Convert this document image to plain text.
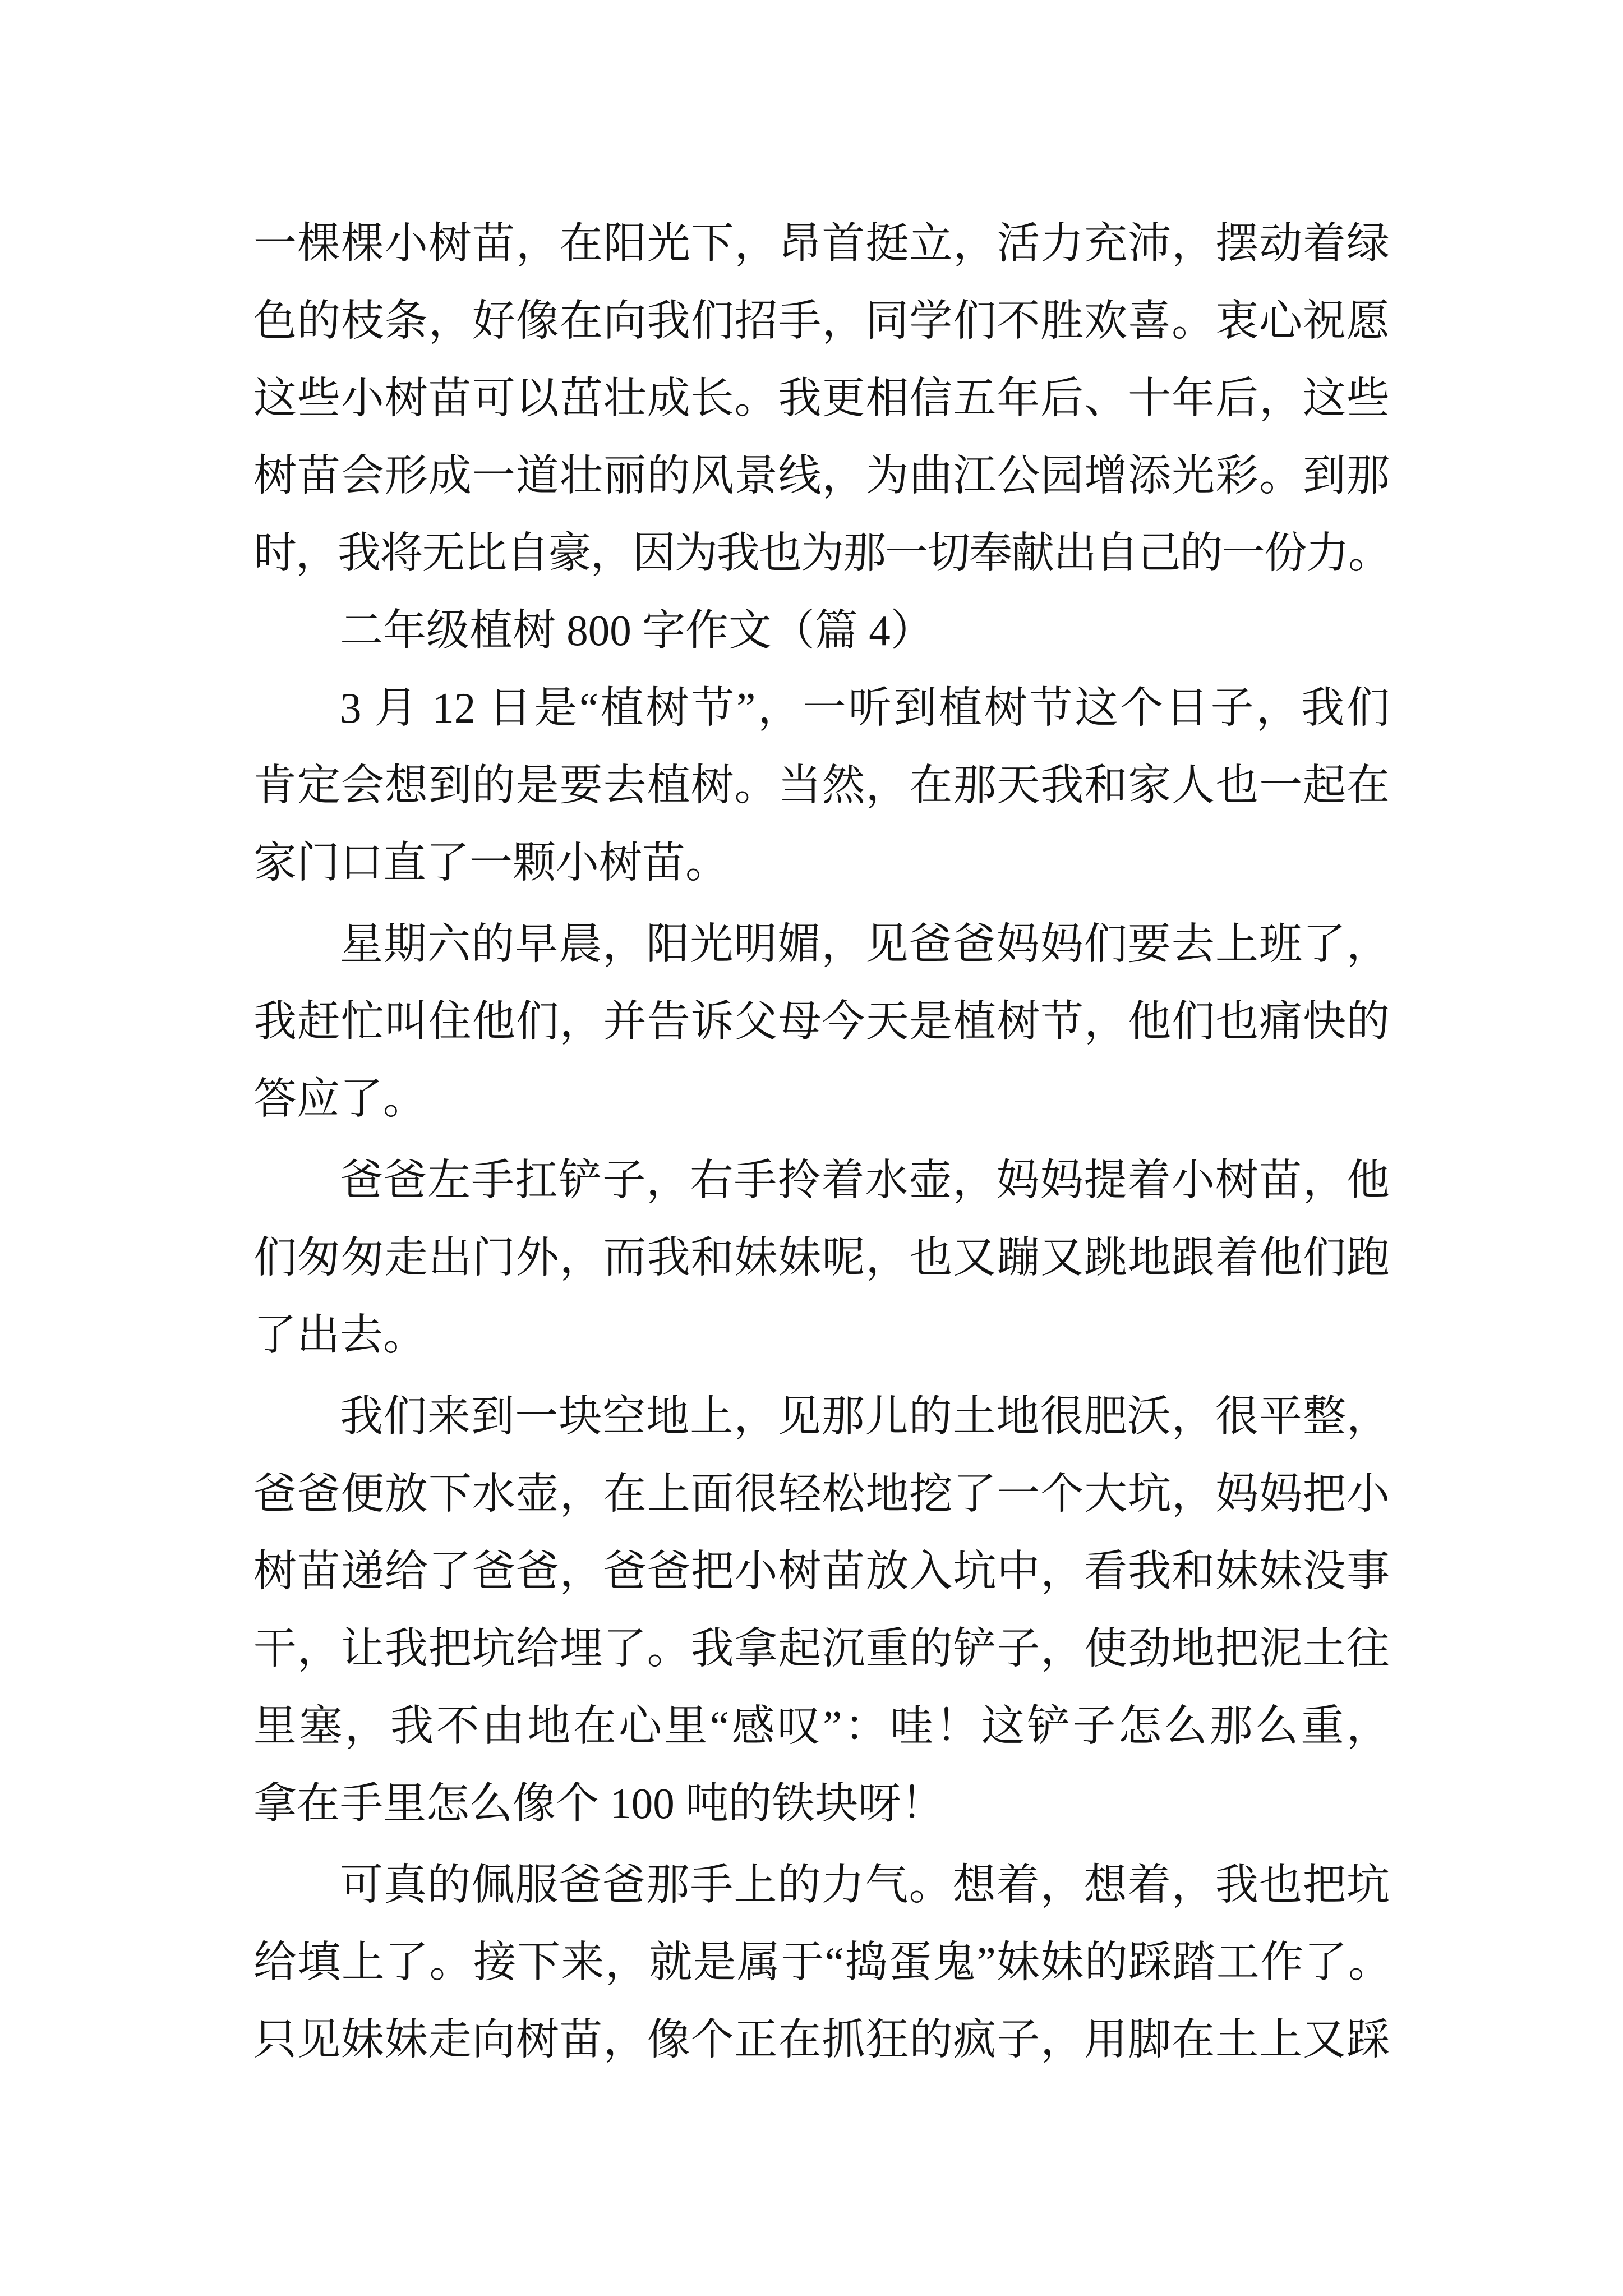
一棵棵小树苗，在阳光下，昂首挺立，活力充沛，摆动着绿
色的枝条，好像在向我们招手，同学们不胜欢喜。衷心祝愿
这些小树苗可以茁壮成长。我更相信五年后、十年后，这些
树苗会形成一道壮丽的风景线，为曲江公园增添光彩。到那
时，我将无比自豪，因为我也为那一切奉献出自己的一份力。
二年级植树 800 字作文（篇 4）
3 月 12 日是“植树节”，一听到植树节这个日子，我们
肯定会想到的是要去植树。当然，在那天我和家人也一起在
家门口直了一颗小树苗。
星期六的早晨，阳光明媚，见爸爸妈妈们要去上班了，
我赶忙叫住他们，并告诉父母今天是植树节，他们也痛快的
答应了。
爸爸左手扛铲子，右手拎着水壶，妈妈提着小树苗，他
们匆匆走出门外，而我和妹妹呢，也又蹦又跳地跟着他们跑
了出去。
我们来到一块空地上，见那儿的土地很肥沃，很平整，
爸爸便放下水壶，在上面很轻松地挖了一个大坑，妈妈把小
树苗递给了爸爸，爸爸把小树苗放入坑中，看我和妹妹没事
干，让我把坑给埋了。我拿起沉重的铲子，使劲地把泥土往
里塞，我不由地在心里“感叹”：哇！这铲子怎么那么重，
拿在手里怎么像个 100 吨的铁块呀！
可真的佩服爸爸那手上的力气。想着，想着，我也把坑
给填上了。接下来，就是属于“捣蛋鬼”妹妹的踩踏工作了。
只见妹妹走向树苗，像个正在抓狂的疯子，用脚在土上又踩
